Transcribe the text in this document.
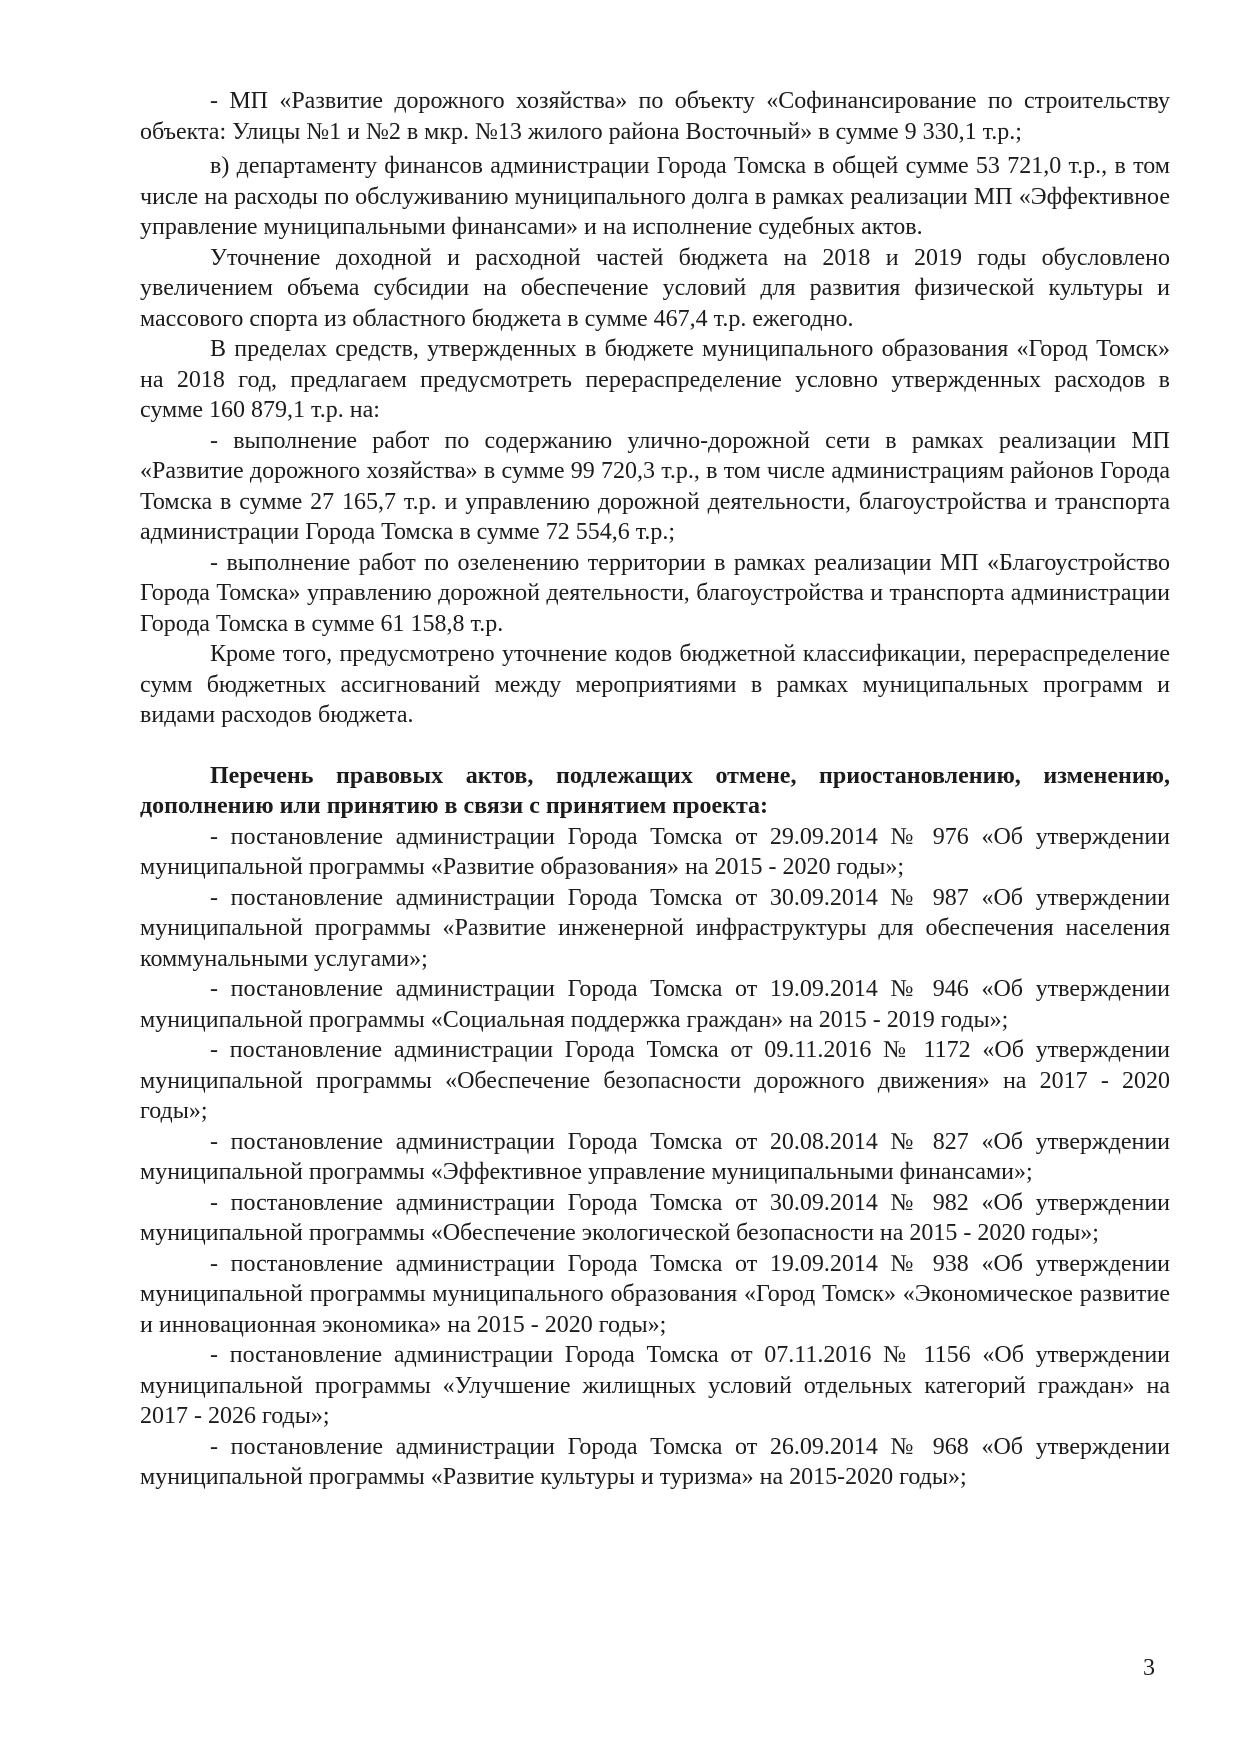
- МП «Развитие дорожного хозяйства» по объекту «Софинансирование по строительству объекта: Улицы №1 и №2 в мкр. №13 жилого района Восточный» в сумме 9 330,1 т.р.;

в) департаменту финансов администрации Города Томска в общей сумме 53 721,0 т.р., в том числе на расходы по обслуживанию муниципального долга в рамках реализации МП «Эффективное управление муниципальными финансами» и на исполнение судебных актов.

Уточнение доходной и расходной частей бюджета на 2018 и 2019 годы обусловлено увеличением объема субсидии на обеспечение условий для развития физической культуры и массового спорта из областного бюджета в сумме 467,4 т.р. ежегодно.

В пределах средств, утвержденных в бюджете муниципального образования «Город Томск» на 2018 год, предлагаем предусмотреть перераспределение условно утвержденных расходов в сумме 160 879,1 т.р. на:

- выполнение работ по содержанию улично-дорожной сети в рамках реализации МП «Развитие дорожного хозяйства» в сумме 99 720,3 т.р., в том числе администрациям районов Города Томска в сумме 27 165,7 т.р. и управлению дорожной деятельности, благоустройства и транспорта администрации Города Томска в сумме 72 554,6 т.р.;

- выполнение работ по озеленению территории в рамках реализации МП «Благоустройство Города Томска» управлению дорожной деятельности, благоустройства и транспорта администрации Города Томска в сумме 61 158,8 т.р.

Кроме того, предусмотрено уточнение кодов бюджетной классификации, перераспределение сумм бюджетных ассигнований между мероприятиями в рамках муниципальных программ и видами расходов бюджета.

Перечень правовых актов, подлежащих отмене, приостановлению, изменению, дополнению или принятию в связи с принятием проекта:

- постановление администрации Города Томска от 29.09.2014 № 976 «Об утверждении муниципальной программы «Развитие образования» на 2015 - 2020 годы»;

- постановление администрации Города Томска от 30.09.2014 № 987 «Об утверждении муниципальной программы «Развитие инженерной инфраструктуры для обеспечения населения коммунальными услугами»;

- постановление администрации Города Томска от 19.09.2014 № 946 «Об утверждении муниципальной программы «Социальная поддержка граждан» на 2015 - 2019 годы»;

- постановление администрации Города Томска от 09.11.2016 № 1172 «Об утверждении муниципальной программы «Обеспечение безопасности дорожного движения» на 2017 - 2020 годы»;

- постановление администрации Города Томска от 20.08.2014 № 827 «Об утверждении муниципальной программы «Эффективное управление муниципальными финансами»;

- постановление администрации Города Томска от 30.09.2014 № 982 «Об утверждении муниципальной программы «Обеспечение экологической безопасности на 2015 - 2020 годы»;

- постановление администрации Города Томска от 19.09.2014 № 938 «Об утверждении муниципальной программы муниципального образования «Город Томск» «Экономическое развитие и инновационная экономика» на 2015 - 2020 годы»;

- постановление администрации Города Томска от 07.11.2016 № 1156 «Об утверждении муниципальной программы «Улучшение жилищных условий отдельных категорий граждан» на 2017 - 2026 годы»;

- постановление администрации Города Томска от 26.09.2014 № 968 «Об утверждении муниципальной программы «Развитие культуры и туризма» на 2015-2020 годы»;

3
